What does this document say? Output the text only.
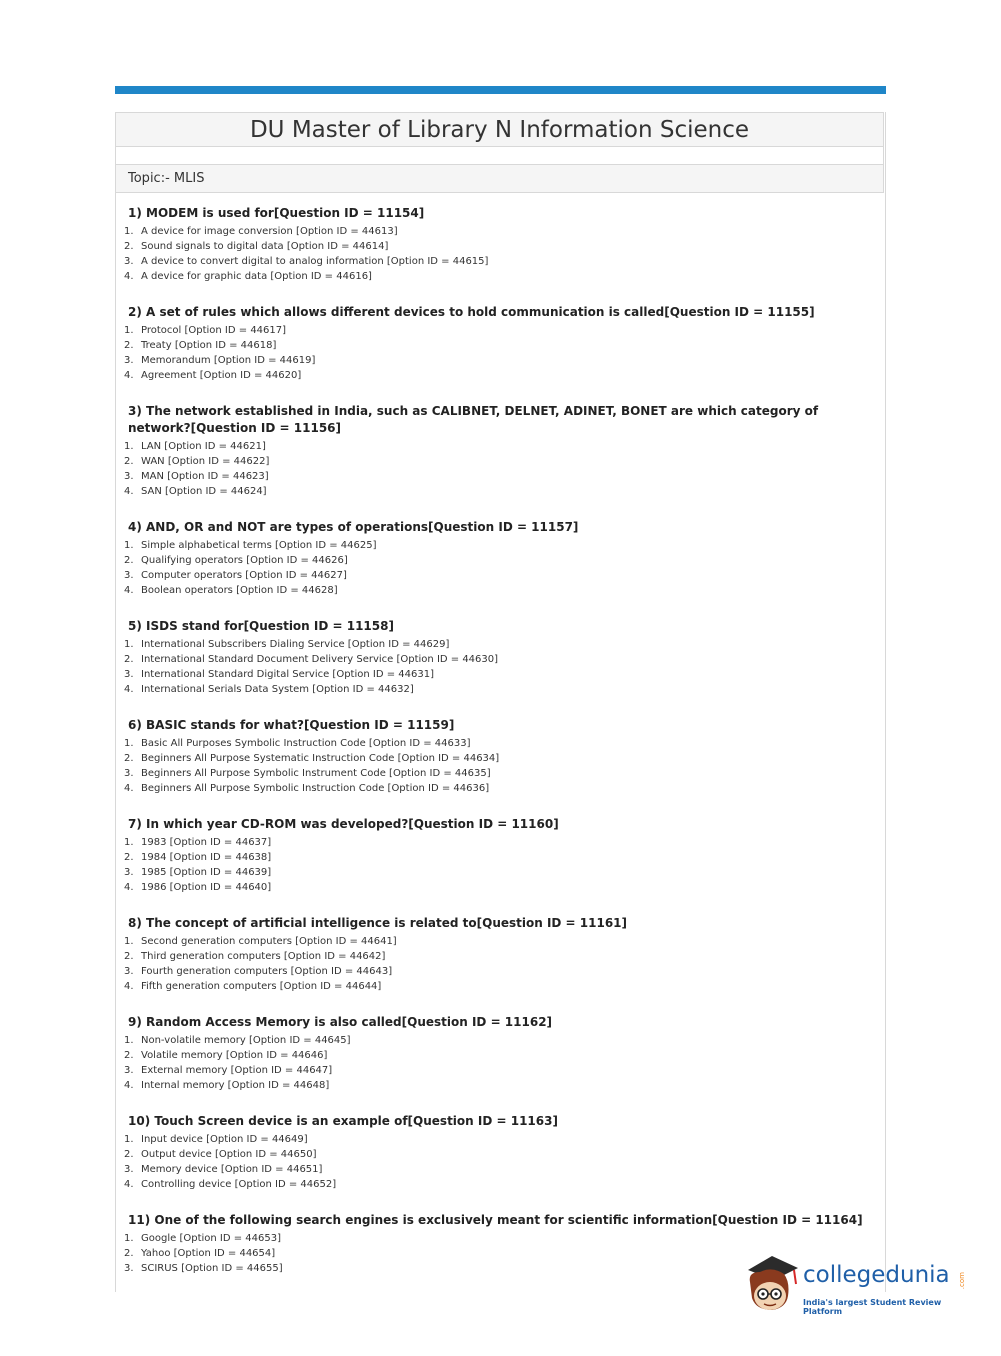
DU Master of Library N Information Science
Topic:- MLIS
1) MODEM is used for[Question ID = 11154]
1. A device for image conversion [Option ID = 44613]
2. Sound signals to digital data [Option ID = 44614]
3. A device to convert digital to analog information [Option ID = 44615]
4. A device for graphic data [Option ID = 44616]
2) A set of rules which allows different devices to hold communication is called[Question ID = 11155]
1. Protocol [Option ID = 44617]
2. Treaty [Option ID = 44618]
3. Memorandum [Option ID = 44619]
4. Agreement [Option ID = 44620]
3) The network established in India, such as CALIBNET, DELNET, ADINET, BONET are which category of network?[Question ID = 11156]
1. LAN [Option ID = 44621]
2. WAN [Option ID = 44622]
3. MAN [Option ID = 44623]
4. SAN [Option ID = 44624]
4) AND, OR and NOT are types of operations[Question ID = 11157]
1. Simple alphabetical terms [Option ID = 44625]
2. Qualifying operators [Option ID = 44626]
3. Computer operators [Option ID = 44627]
4. Boolean operators [Option ID = 44628]
5) ISDS stand for[Question ID = 11158]
1. International Subscribers Dialing Service [Option ID = 44629]
2. International Standard Document Delivery Service [Option ID = 44630]
3. International Standard Digital Service [Option ID = 44631]
4. International Serials Data System [Option ID = 44632]
6) BASIC stands for what?[Question ID = 11159]
1. Basic All Purposes Symbolic Instruction Code [Option ID = 44633]
2. Beginners All Purpose Systematic Instruction Code [Option ID = 44634]
3. Beginners All Purpose Symbolic Instrument Code [Option ID = 44635]
4. Beginners All Purpose Symbolic Instruction Code [Option ID = 44636]
7) In which year CD-ROM was developed?[Question ID = 11160]
1. 1983 [Option ID = 44637]
2. 1984 [Option ID = 44638]
3. 1985 [Option ID = 44639]
4. 1986 [Option ID = 44640]
8) The concept of artificial intelligence is related to[Question ID = 11161]
1. Second generation computers [Option ID = 44641]
2. Third generation computers [Option ID = 44642]
3. Fourth generation computers [Option ID = 44643]
4. Fifth generation computers [Option ID = 44644]
9) Random Access Memory is also called[Question ID = 11162]
1. Non-volatile memory [Option ID = 44645]
2. Volatile memory [Option ID = 44646]
3. External memory [Option ID = 44647]
4. Internal memory [Option ID = 44648]
10) Touch Screen device is an example of[Question ID = 11163]
1. Input device [Option ID = 44649]
2. Output device [Option ID = 44650]
3. Memory device [Option ID = 44651]
4. Controlling device [Option ID = 44652]
11) One of the following search engines is exclusively meant for scientific information[Question ID = 11164]
1. Google [Option ID = 44653]
2. Yahoo [Option ID = 44654]
3. SCIRUS [Option ID = 44655]	collegedunia .com
India's largest Student Review Platform
